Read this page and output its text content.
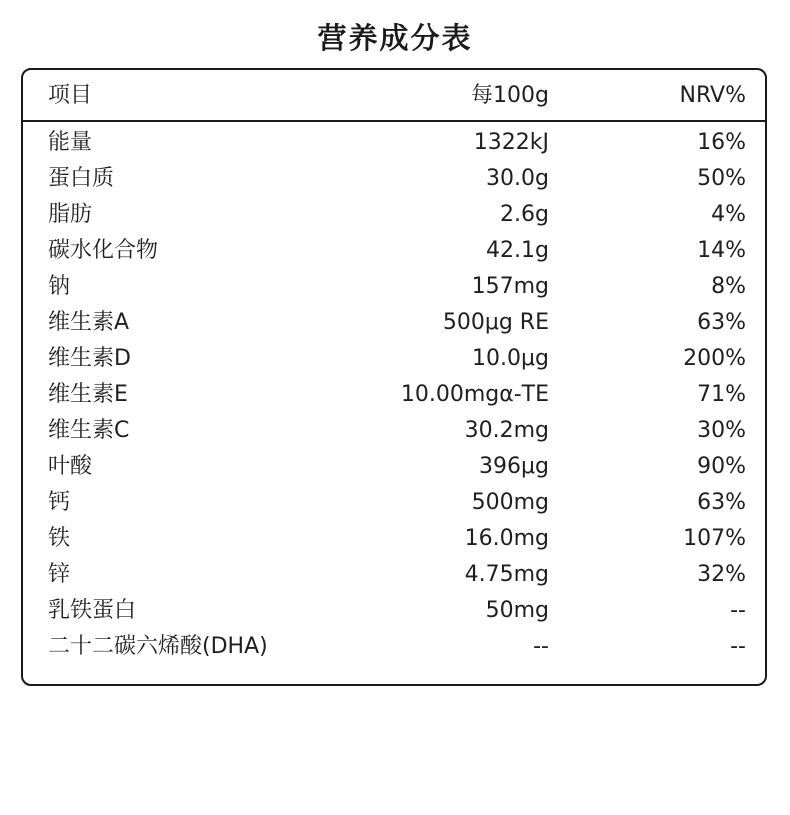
营养成分表
项目	每100g	NRV%
能量	1322kJ	16%
蛋白质	30.0g	50%
脂肪	2.6g	4%
碳水化合物	42.1g	14%
钠	157mg	8%
维生素A	500μg RE	63%
维生素D	10.0μg	200%
维生素E	10.00mgα-TE	71%
维生素C	30.2mg	30%
叶酸	396μg	90%
钙	500mg	63%
铁	16.0mg	107%
锌	4.75mg	32%
乳铁蛋白	50mg	--
二十二碳六烯酸(DHA)	--	--
